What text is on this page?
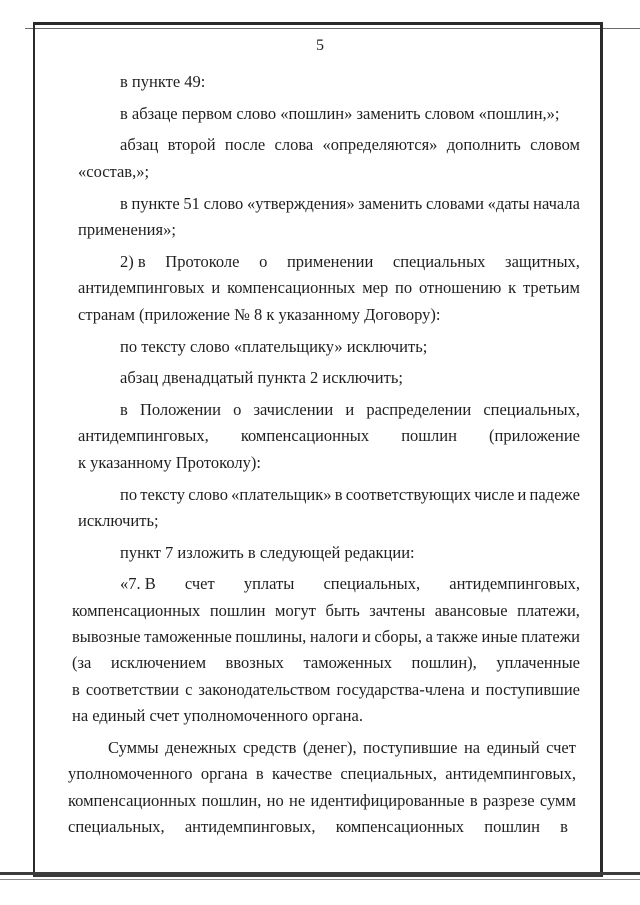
5
в пункте 49:
в абзаце первом слово «пошлин» заменить словом «пошлин,»;
абзац второй после слова «определяются» дополнить словом
«состав,»;
в пункте 51 слово «утверждения» заменить словами «даты начала
применения»;
2) в Протоколе о применении специальных защитных,
антидемпинговых и компенсационных мер по отношению к третьим
странам (приложение № 8 к указанному Договору):
по тексту слово «плательщику» исключить;
абзац двенадцатый пункта 2 исключить;
в Положении о зачислении и распределении специальных,
антидемпинговых, компенсационных пошлин (приложение
к указанному Протоколу):
по тексту слово «плательщик» в соответствующих числе и падеже
исключить;
пункт 7 изложить в следующей редакции:
«7. В счет уплаты специальных, антидемпинговых,
компенсационных пошлин могут быть зачтены авансовые платежи,
вывозные таможенные пошлины, налоги и сборы, а также иные платежи
(за исключением ввозных таможенных пошлин), уплаченные
в соответствии с законодательством государства-члена и поступившие
на единый счет уполномоченного органа.
Суммы денежных средств (денег), поступившие на единый счет
уполномоченного органа в качестве специальных, антидемпинговых,
компенсационных пошлин, но не идентифицированные в разрезе сумм
специальных, антидемпинговых, компенсационных пошлин в
